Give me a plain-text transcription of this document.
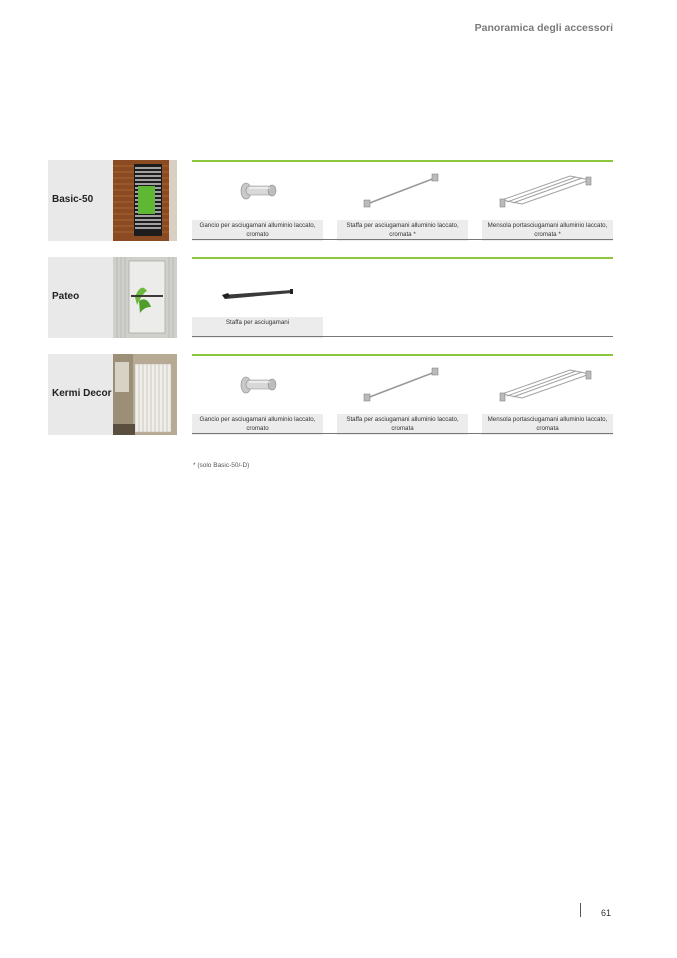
Panoramica degli accessori
Basic-50
Gancio per asciugamani alluminio laccato, cromato
Staffa per asciugamani alluminio laccato, cromata *
Mensola portasciugamani alluminio laccato, cromata *
Pateo
Staffa per asciugamani
Kermi Decor
Gancio per asciugamani alluminio laccato, cromato
Staffa per asciugamani alluminio laccato, cromata
Mensola portasciugamani alluminio laccato, cromata
* (solo Basic-50/-D)
61
